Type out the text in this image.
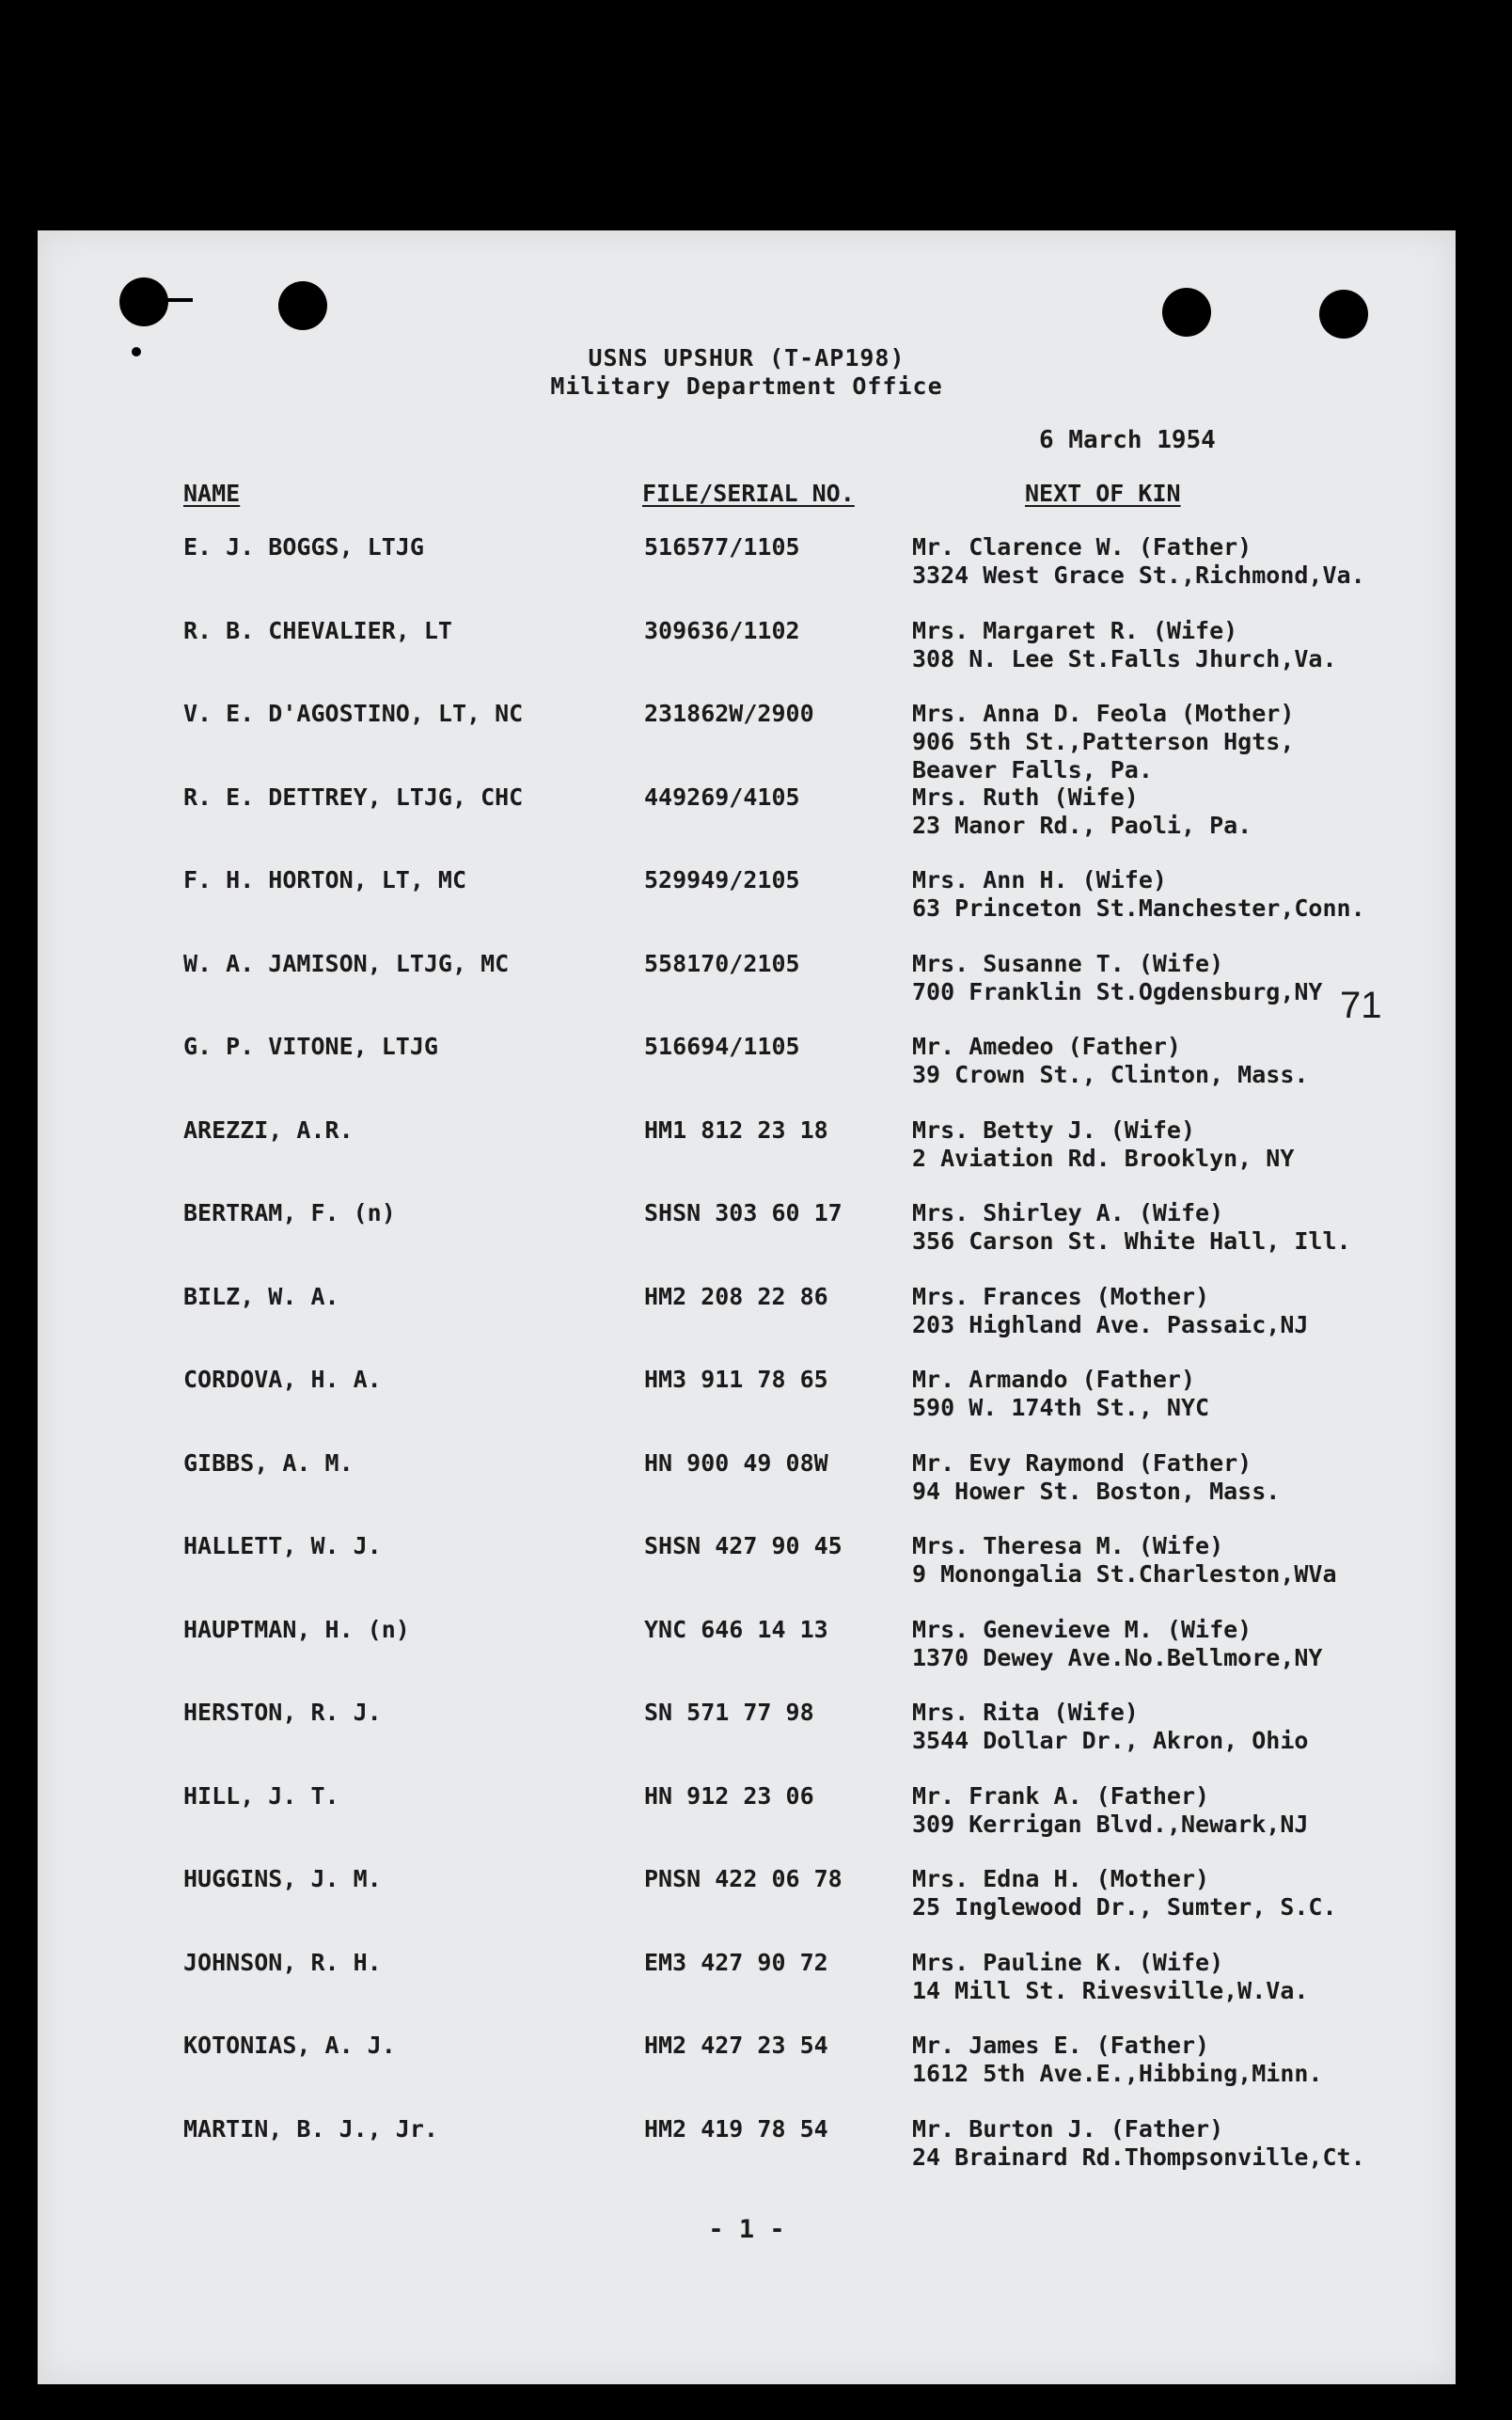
USNS UPSHUR (T-AP198)
Military Department Office
6 March 1954
NAME	FILE/SERIAL NO.	NEXT OF KIN
E. J. BOGGS, LTJG	516577/1105	Mr. Clarence W. (Father)
3324 West Grace St.,Richmond,Va.
R. B. CHEVALIER, LT	309636/1102	Mrs. Margaret R. (Wife)
308 N. Lee St.Falls Jhurch,Va.
V. E. D'AGOSTINO, LT, NC	231862W/2900	Mrs. Anna D. Feola (Mother)
906 5th St.,Patterson Hgts,
Beaver Falls, Pa.
R. E. DETTREY, LTJG, CHC	449269/4105	Mrs. Ruth (Wife)
23 Manor Rd., Paoli, Pa.
F. H. HORTON, LT, MC	529949/2105	Mrs. Ann H. (Wife)
63 Princeton St.Manchester,Conn.
W. A. JAMISON, LTJG, MC	558170/2105	Mrs. Susanne T. (Wife)
700 Franklin St.Ogdensburg,NY
G. P. VITONE, LTJG	516694/1105	Mr. Amedeo (Father)
39 Crown St., Clinton, Mass.
AREZZI, A.R.	HM1 812 23 18	Mrs. Betty J. (Wife)
2 Aviation Rd. Brooklyn, NY
BERTRAM, F. (n)	SHSN 303 60 17	Mrs. Shirley A. (Wife)
356 Carson St. White Hall, Ill.
BILZ, W. A.	HM2 208 22 86	Mrs. Frances (Mother)
203 Highland Ave. Passaic,NJ
CORDOVA, H. A.	HM3 911 78 65	Mr. Armando (Father)
590 W. 174th St., NYC
GIBBS, A. M.	HN 900 49 08W	Mr. Evy Raymond (Father)
94 Hower St. Boston, Mass.
HALLETT, W. J.	SHSN 427 90 45	Mrs. Theresa M. (Wife)
9 Monongalia St.Charleston,WVa
HAUPTMAN, H. (n)	YNC 646 14 13	Mrs. Genevieve M. (Wife)
1370 Dewey Ave.No.Bellmore,NY
HERSTON, R. J.	SN 571 77 98	Mrs. Rita (Wife)
3544 Dollar Dr., Akron, Ohio
HILL, J. T.	HN 912 23 06	Mr. Frank A. (Father)
309 Kerrigan Blvd.,Newark,NJ
HUGGINS, J. M.	PNSN 422 06 78	Mrs. Edna H. (Mother)
25 Inglewood Dr., Sumter, S.C.
JOHNSON, R. H.	EM3 427 90 72	Mrs. Pauline K. (Wife)
14 Mill St. Rivesville,W.Va.
KOTONIAS, A. J.	HM2 427 23 54	Mr. James E. (Father)
1612 5th Ave.E.,Hibbing,Minn.
MARTIN, B. J., Jr.	HM2 419 78 54	Mr. Burton J. (Father)
24 Brainard Rd.Thompsonville,Ct.
71
- 1 -
